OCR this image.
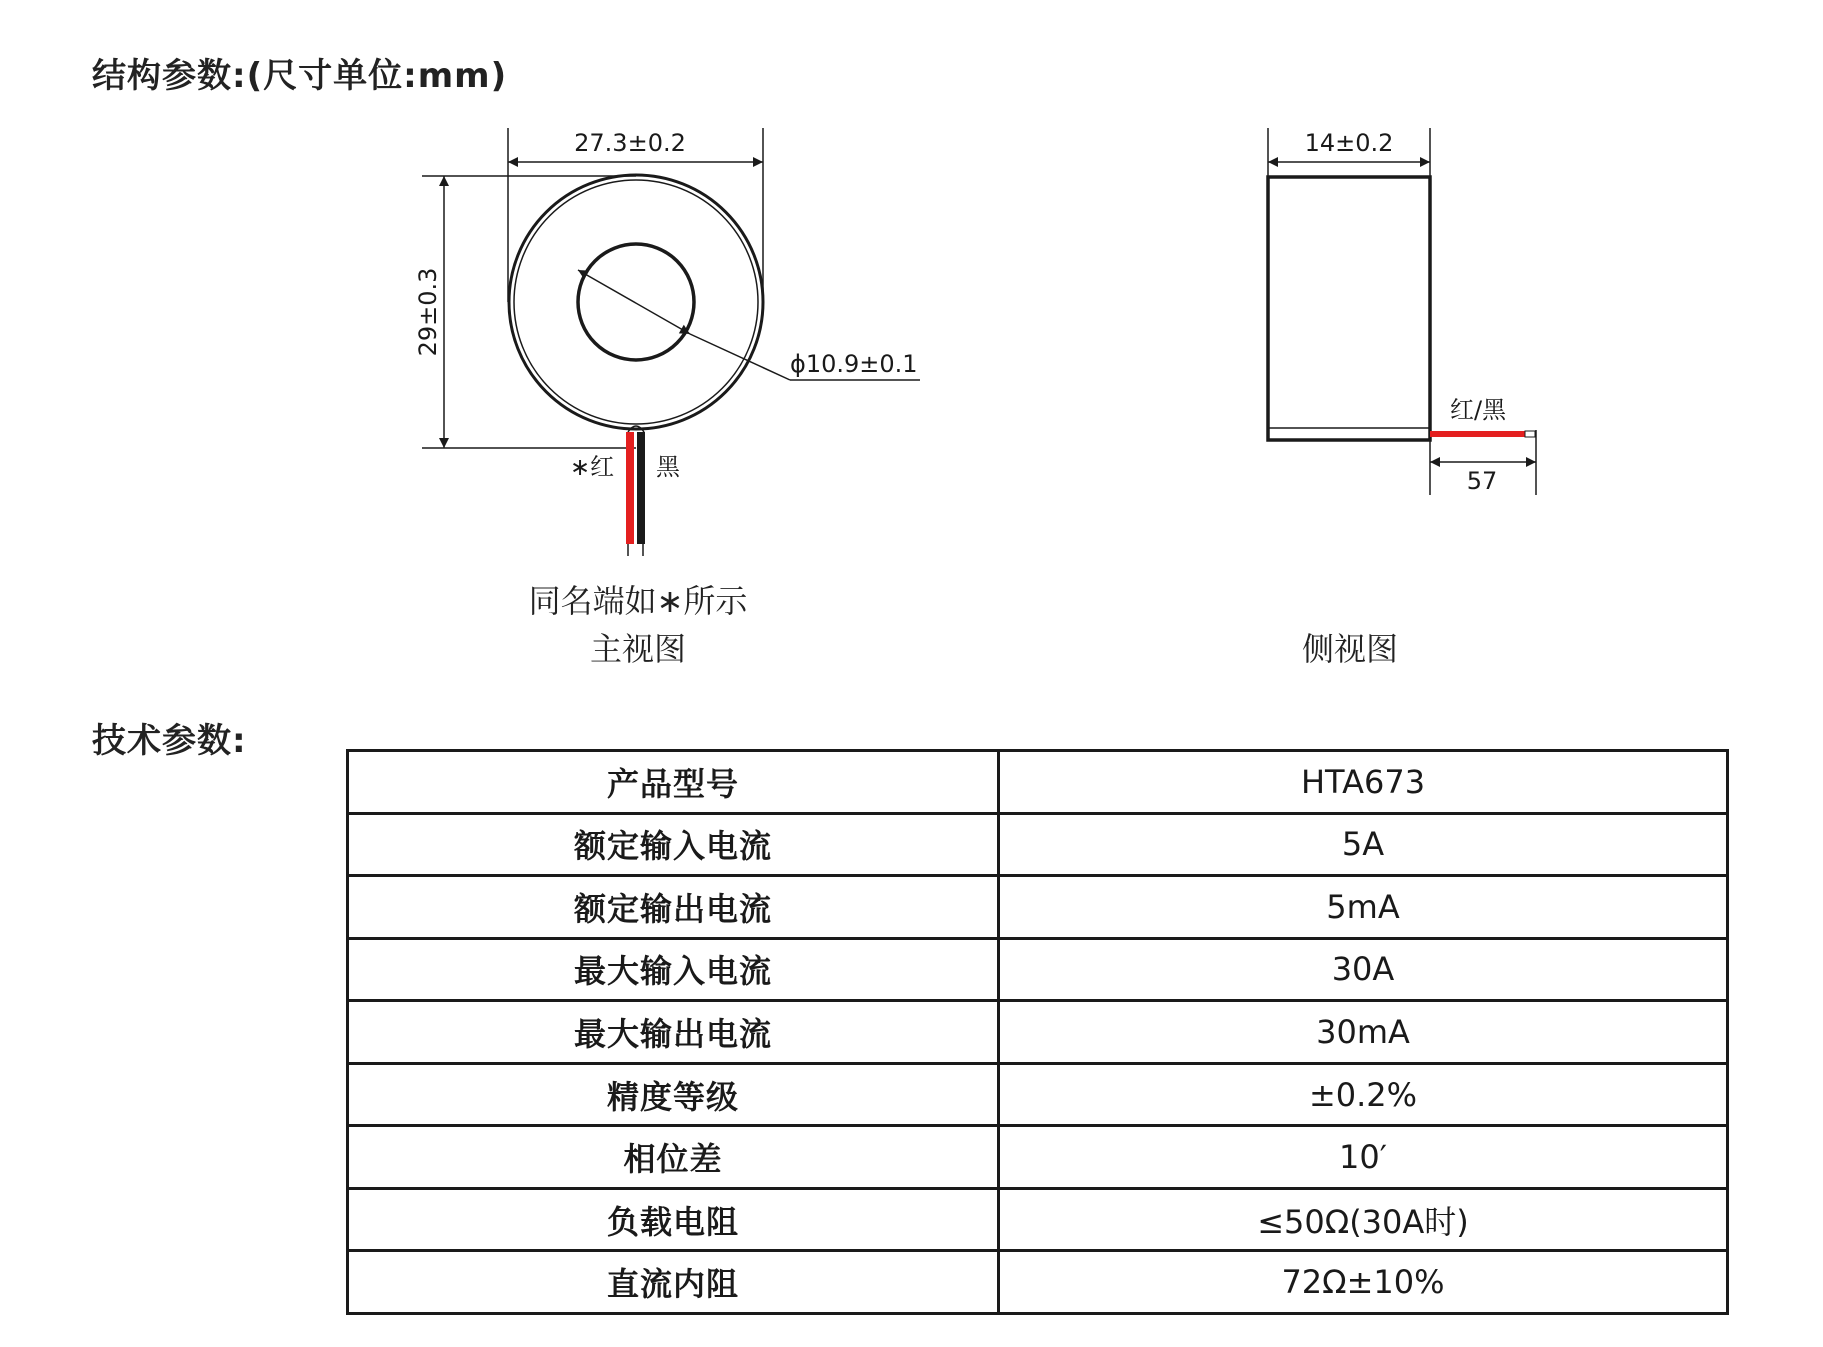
结构参数:(尺寸单位:mm)
27.3±0.2
29±0.3
ϕ10.9±0.1
∗红 黑
同名端如∗所示
主视图
14±0.2
红/黑
57
侧视图
技术参数:
产品型号	HTA673
额定输入电流	5A
额定输出电流	5mA
最大输入电流	30A
最大输出电流	30mA
精度等级	±0.2%
相位差	10′
负载电阻	≤50Ω(30A时)
直流内阻	72Ω±10%
